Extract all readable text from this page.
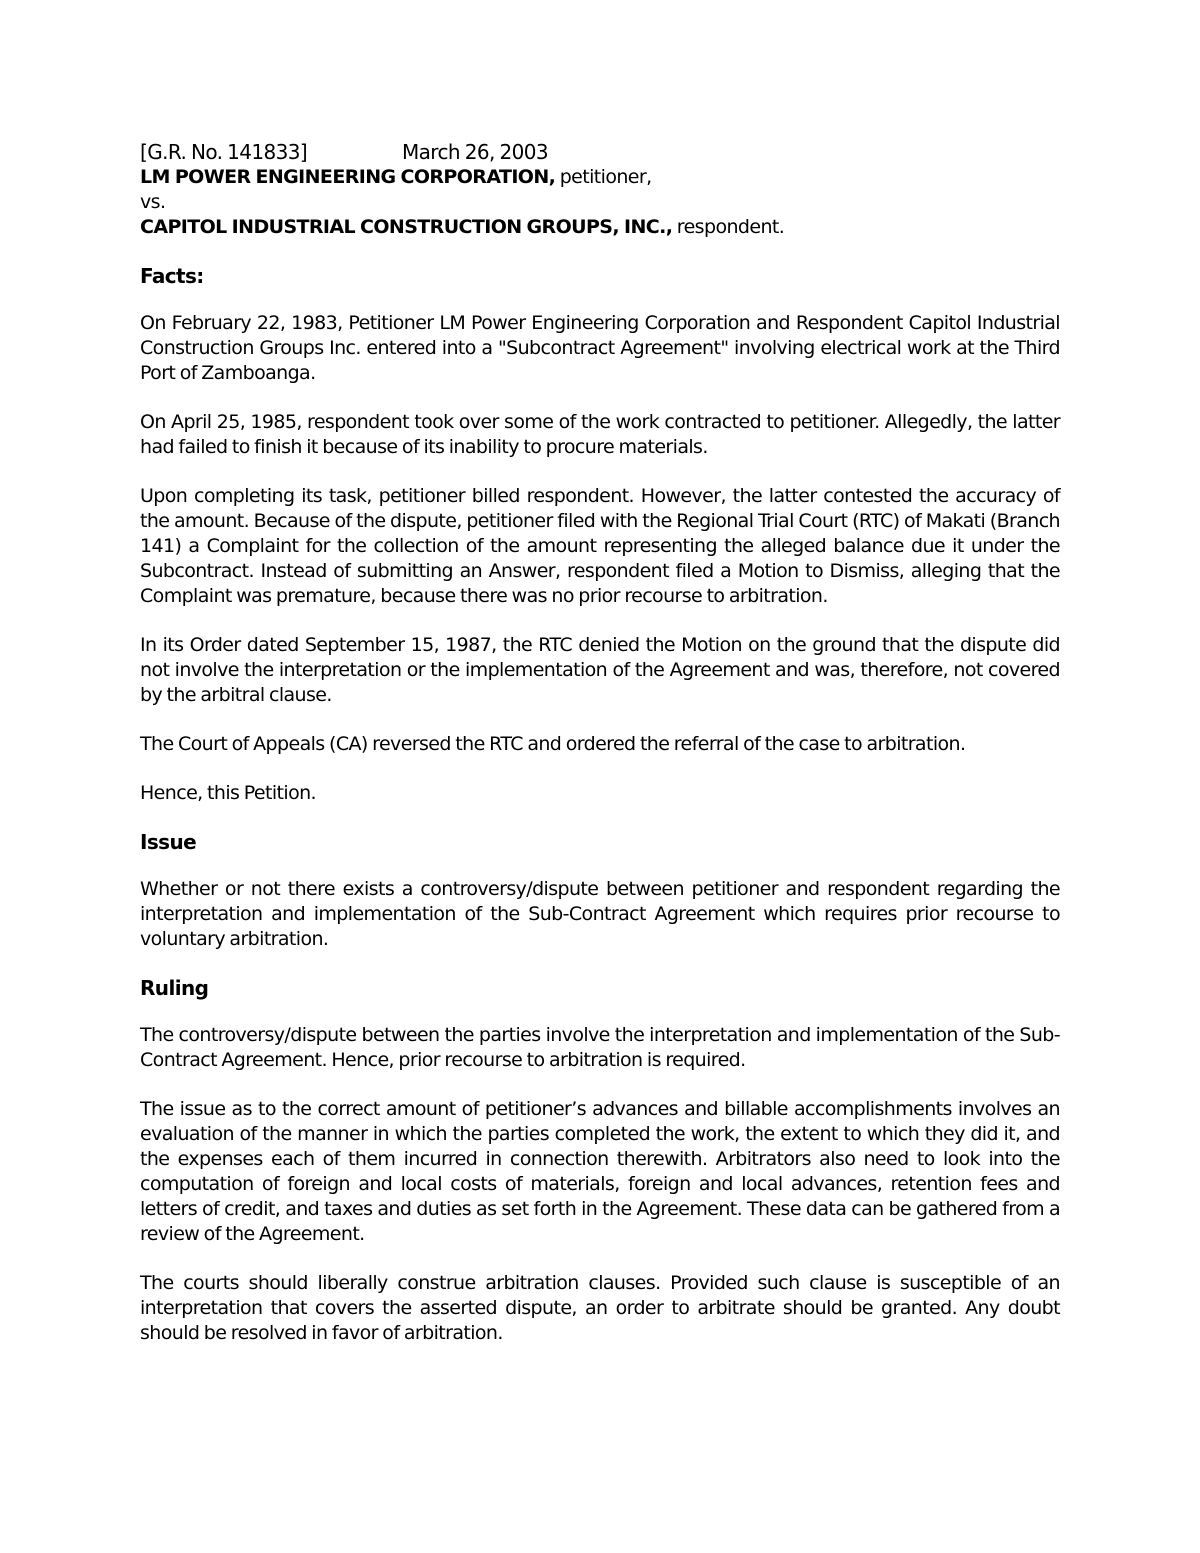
[G.R. No. 141833]	March 26, 2003
LM POWER ENGINEERING CORPORATION, petitioner,
vs.
CAPITOL INDUSTRIAL CONSTRUCTION GROUPS, INC., respondent.
Facts:

On February 22, 1983, Petitioner LM Power Engineering Corporation and Respondent Capitol Industrial Construction Groups Inc. entered into a "Subcontract Agreement" involving electrical work at the Third Port of Zamboanga.

On April 25, 1985, respondent took over some of the work contracted to petitioner. Allegedly, the latter had failed to finish it because of its inability to procure materials.

Upon completing its task, petitioner billed respondent. However, the latter contested the accuracy of the amount. Because of the dispute, petitioner filed with the Regional Trial Court (RTC) of Makati (Branch 141) a Complaint for the collection of the amount representing the alleged balance due it under the Subcontract. Instead of submitting an Answer, respondent filed a Motion to Dismiss, alleging that the Complaint was premature, because there was no prior recourse to arbitration.

In its Order dated September 15, 1987, the RTC denied the Motion on the ground that the dispute did not involve the interpretation or the implementation of the Agreement and was, therefore, not covered by the arbitral clause.

The Court of Appeals (CA) reversed the RTC and ordered the referral of the case to arbitration.

Hence, this Petition.

Issue

Whether or not there exists a controversy/dispute between petitioner and respondent regarding the interpretation and implementation of the Sub-Contract Agreement which requires prior recourse to voluntary arbitration.

Ruling

The controversy/dispute between the parties involve the interpretation and implementation of the Sub-Contract Agreement. Hence, prior recourse to arbitration is required.

The issue as to the correct amount of petitioner’s advances and billable accomplishments involves an evaluation of the manner in which the parties completed the work, the extent to which they did it, and the expenses each of them incurred in connection therewith. Arbitrators also need to look into the computation of foreign and local costs of materials, foreign and local advances, retention fees and letters of credit, and taxes and duties as set forth in the Agreement. These data can be gathered from a review of the Agreement.

The courts should liberally construe arbitration clauses. Provided such clause is susceptible of an interpretation that covers the asserted dispute, an order to arbitrate should be granted. Any doubt should be resolved in favor of arbitration.
